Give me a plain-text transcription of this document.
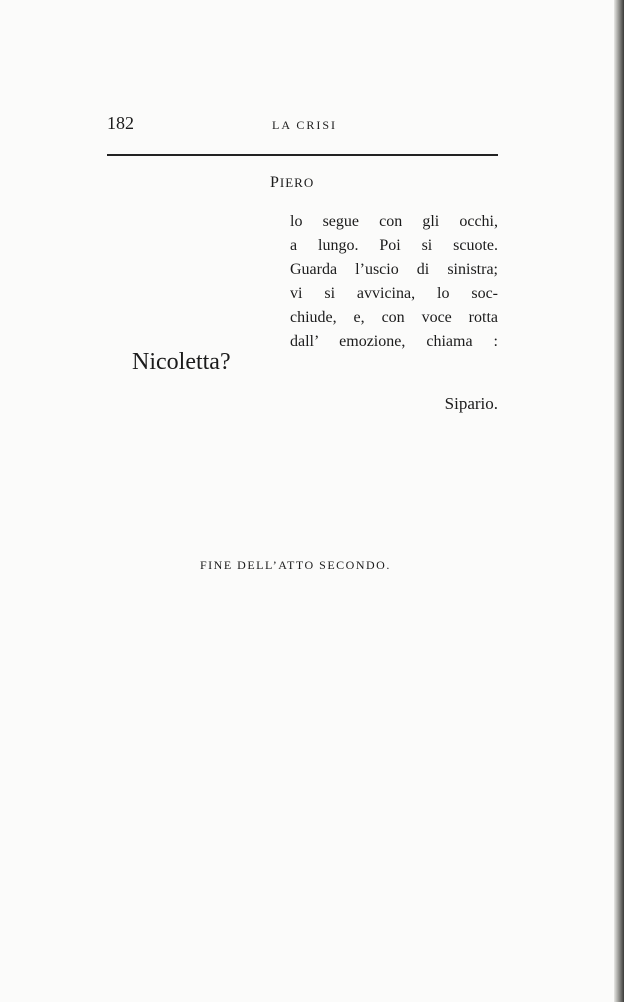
182	LA CRISI
PIERO
lo segue con gli occhi,
a lungo. Poi si scuote.
Guarda l’uscio di sinistra;
vi si avvicina, lo soc-
chiude, e, con voce rotta
dall’ emozione, chiama :
Nicoletta?
Sipario.
FINE DELL’ATTO SECONDO.
